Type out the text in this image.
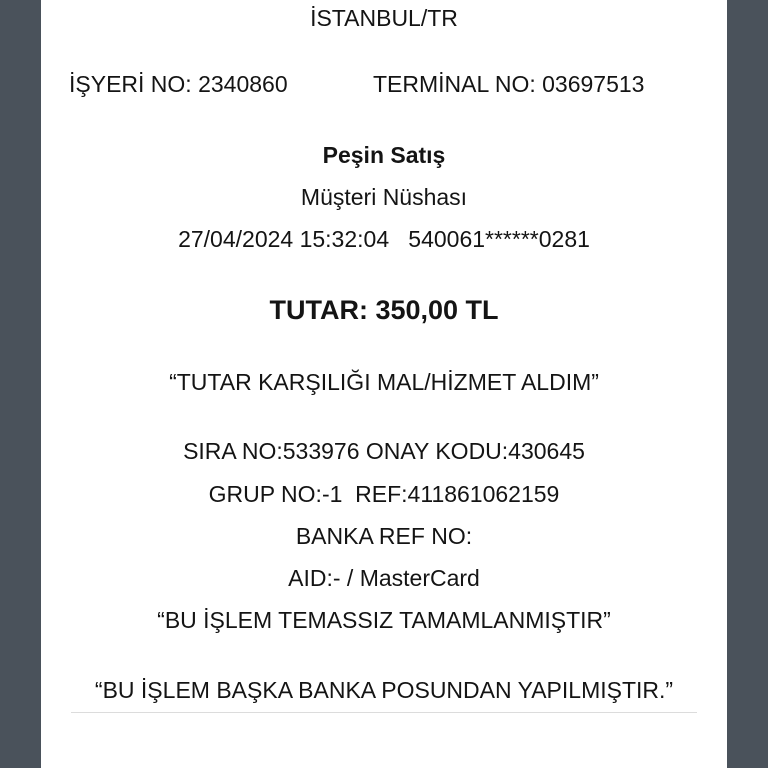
İSTANBUL/TR
İŞYERİ NO: 2340860	TERMİNAL NO: 03697513
Peşin Satış
Müşteri Nüshası
27/04/2024 15:32:04   540061******0281
TUTAR: 350,00 TL
“TUTAR KARŞILIĞI MAL/HİZMET ALDIM”
SIRA NO:533976 ONAY KODU:430645
GRUP NO:-1  REF:411861062159
BANKA REF NO:
AID:- / MasterCard
“BU İŞLEM TEMASSIZ TAMAMLANMIŞTIR”
“BU İŞLEM BAŞKA BANKA POSUNDAN YAPILMIŞTIR.”
